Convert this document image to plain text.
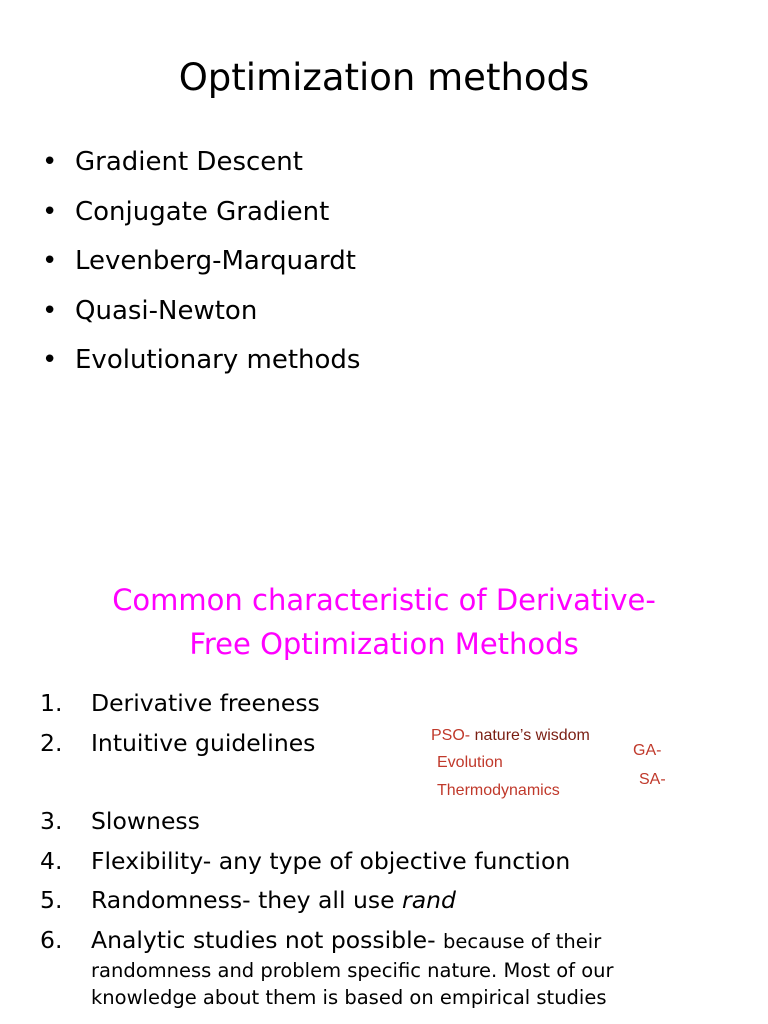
Optimization methods
• Gradient Descent
• Conjugate Gradient
• Levenberg-Marquardt
• Quasi-Newton
• Evolutionary methods
Common characteristic of Derivative-
Free Optimization Methods
1. Derivative freeness
2. Intuitive guidelines	PSO- nature’s wisdom
Evolution
Thermodynamics
GA-
SA-
3. Slowness
4. Flexibility- any type of objective function
5. Randomness- they all use rand
6. Analytic studies not possible- because of their
randomness and problem specific nature. Most of our
knowledge about them is based on empirical studies
